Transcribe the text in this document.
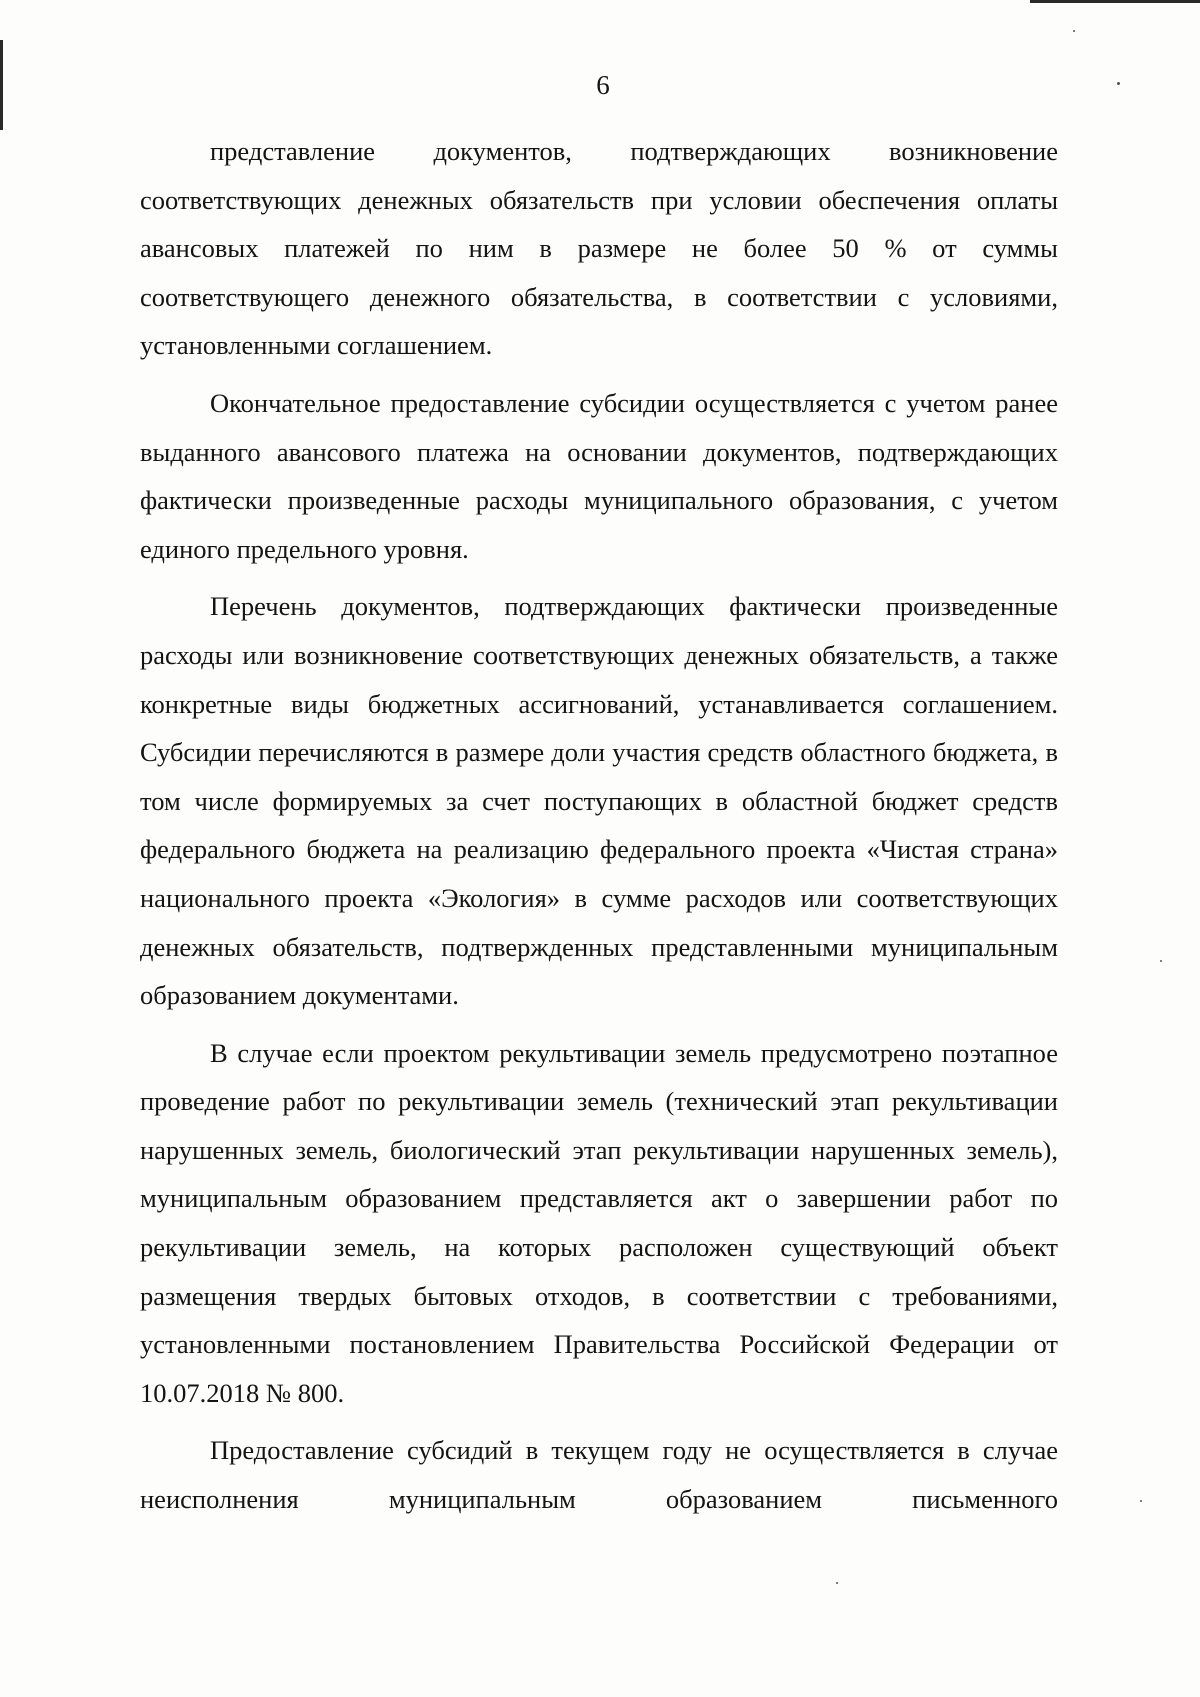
6

представление документов, подтверждающих возникновение соответствующих денежных обязательств при условии обеспечения оплаты авансовых платежей по ним в размере не более 50 % от суммы соответствующего денежного обязательства, в соответствии с условиями, установленными соглашением.

Окончательное предоставление субсидии осуществляется с учетом ранее выданного авансового платежа на основании документов, подтверждающих фактически произведенные расходы муниципального образования, с учетом единого предельного уровня.

Перечень документов, подтверждающих фактически произведенные расходы или возникновение соответствующих денежных обязательств, а также конкретные виды бюджетных ассигнований, устанавливается соглашением. Субсидии перечисляются в размере доли участия средств областного бюджета, в том числе формируемых за счет поступающих в областной бюджет средств федерального бюджета на реализацию федерального проекта «Чистая страна» национального проекта «Экология» в сумме расходов или соответствующих денежных обязательств, подтвержденных представленными муниципальным образованием документами.

В случае если проектом рекультивации земель предусмотрено поэтапное проведение работ по рекультивации земель (технический этап рекультивации нарушенных земель, биологический этап рекультивации нарушенных земель), муниципальным образованием представляется акт о завершении работ по рекультивации земель, на которых расположен существующий объект размещения твердых бытовых отходов, в соответствии с требованиями, установленными постановлением Правительства Российской Федерации от 10.07.2018 № 800.

Предоставление субсидий в текущем году не осуществляется в случае неисполнения муниципальным образованием письменного
